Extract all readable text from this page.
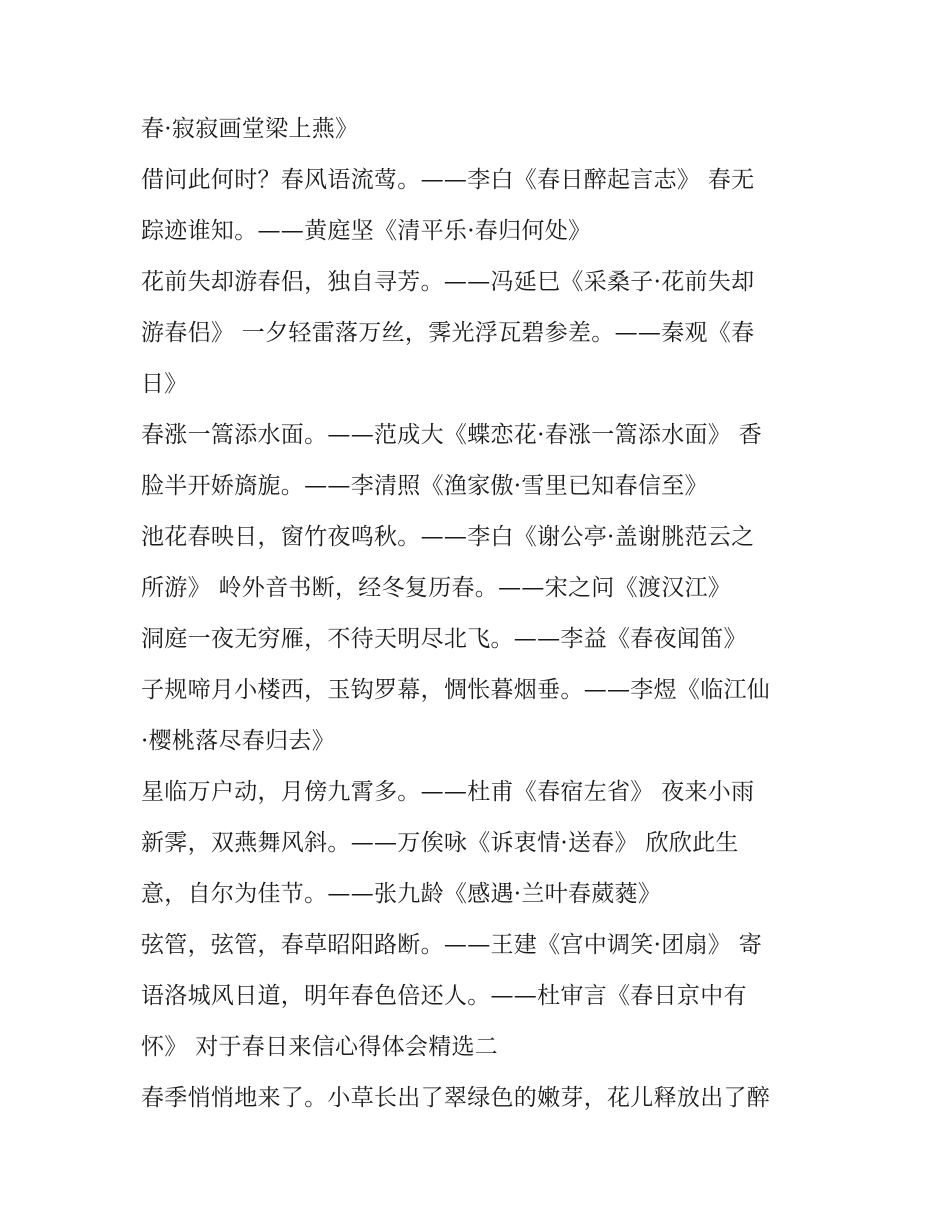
春·寂寂画堂梁上燕》
借问此何时？春风语流莺。——李白《春日醉起言志》 春无
踪迹谁知。——黄庭坚《清平乐·春归何处》
花前失却游春侣，独自寻芳。——冯延巳《采桑子·花前失却
游春侣》 一夕轻雷落万丝，霁光浮瓦碧参差。——秦观《春
日》
春涨一篙添水面。——范成大《蝶恋花·春涨一篙添水面》 香
脸半开娇旖旎。——李清照《渔家傲·雪里已知春信至》
池花春映日，窗竹夜鸣秋。——李白《谢公亭·盖谢朓范云之
所游》 岭外音书断，经冬复历春。——宋之问《渡汉江》
洞庭一夜无穷雁，不待天明尽北飞。——李益《春夜闻笛》
子规啼月小楼西，玉钩罗幕，惆怅暮烟垂。——李煜《临江仙
·樱桃落尽春归去》
星临万户动，月傍九霄多。——杜甫《春宿左省》 夜来小雨
新霁，双燕舞风斜。——万俟咏《诉衷情·送春》 欣欣此生
意，自尔为佳节。——张九龄《感遇·兰叶春葳蕤》
弦管，弦管，春草昭阳路断。——王建《宫中调笑·团扇》 寄
语洛城风日道，明年春色倍还人。——杜审言《春日京中有
怀》 对于春日来信心得体会精选二
春季悄悄地来了。小草长出了翠绿色的嫩芽，花儿释放出了醉
